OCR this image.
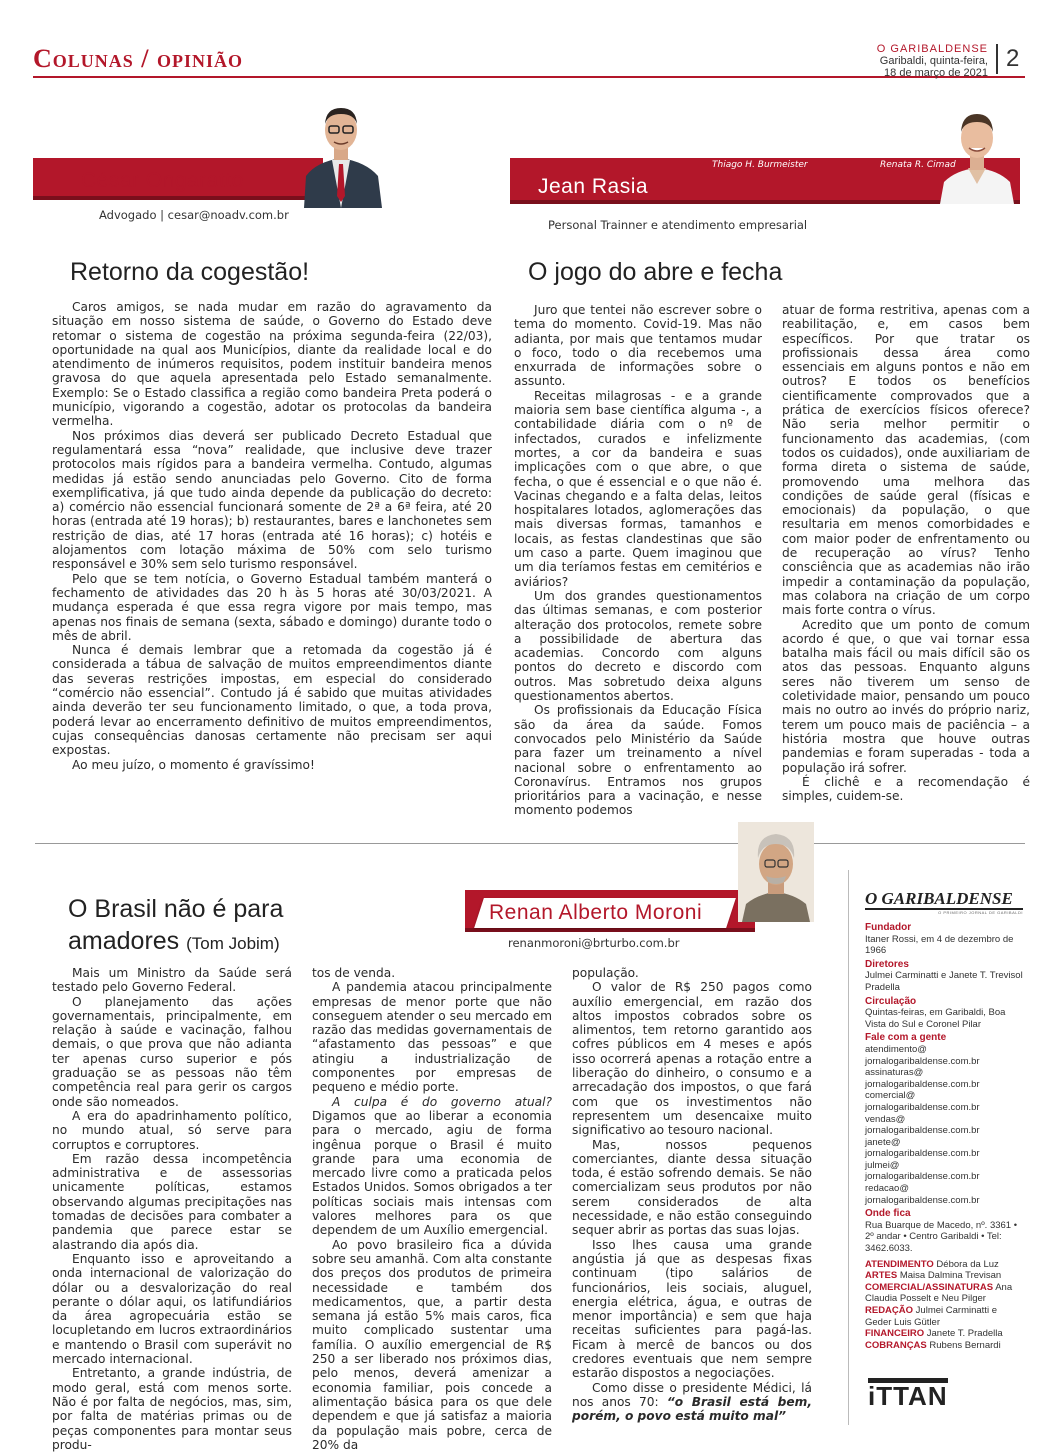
Colunas / opinião	O GARIBALDENSE
Garibaldi, quinta-feira,
18 de março de 2021
2
César Ongaratto
Advogado | cesar@noadv.com.br
Retorno da cogestão!

Caros amigos, se nada mudar em razão do agravamento da situação em nosso sistema de saúde, o Governo do Estado deve retomar o sistema de cogestão na próxima segunda-feira (22/03), oportunidade na qual aos Municípios, diante da realidade local e do atendimento de inúmeros requisitos, podem instituir bandeira menos gravosa do que aquela apresentada pelo Estado semanalmente. Exemplo: Se o Estado classifica a região como bandeira Preta poderá o município, vigorando a cogestão, adotar os protocolas da bandeira vermelha.

Nos próximos dias deverá ser publicado Decreto Estadual que regulamentará essa “nova” realidade, que inclusive deve trazer protocolos mais rígidos para a bandeira vermelha. Contudo, algumas medidas já estão sendo anunciadas pelo Governo. Cito de forma exemplificativa, já que tudo ainda depende da publicação do decreto: a) comércio não essencial funcionará somente de 2ª a 6ª feira, até 20 horas (entrada até 19 horas); b) restaurantes, bares e lanchonetes sem restrição de dias, até 17 horas (entrada até 16 horas); c) hotéis e alojamentos com lotação máxima de 50% com selo turismo responsável e 30% sem selo turismo responsável.

Pelo que se tem notícia, o Governo Estadual também manterá o fechamento de atividades das 20 h às 5 horas até 30/03/2021. A mudança esperada é que essa regra vigore por mais tempo, mas apenas nos finais de semana (sexta, sábado e domingo) durante todo o mês de abril.

Nunca é demais lembrar que a retomada da cogestão já é considerada a tábua de salvação de muitos empreendimentos diante das severas restrições impostas, em especial do considerado “comércio não essencial”. Contudo já é sabido que muitas atividades ainda deverão ter seu funcionamento limitado, o que, a toda prova, poderá levar ao encerramento definitivo de muitos empreendimentos, cujas consequências danosas certamente não precisam ser aqui expostas.

Ao meu juízo, o momento é gravíssimo!

Thiago H. Burmeister	Renata R. Cimad
Jean Rasia
Personal Trainner e atendimento empresarial
O jogo do abre e fecha

Juro que tentei não escrever sobre o tema do momento. Covid-19. Mas não adianta, por mais que tentamos mudar o foco, todo o dia recebemos uma enxurrada de informações sobre o assunto.

Receitas milagrosas - e a grande maioria sem base científica alguma -, a contabilidade diária com o nº de infectados, curados e infelizmente mortes, a cor da bandeira e suas implicações com o que abre, o que fecha, o que é essencial e o que não é. Vacinas chegando e a falta delas, leitos hospitalares lotados, aglomerações das mais diversas formas, tamanhos e locais, as festas clandestinas que são um caso a parte. Quem imaginou que um dia teríamos festas em cemitérios e aviários?

Um dos grandes questionamentos das últimas semanas, e com posterior alteração dos protocolos, remete sobre a possibilidade de abertura das academias. Concordo com alguns pontos do decreto e discordo com outros. Mas sobretudo deixa alguns questionamentos abertos.

Os profissionais da Educação Física são da área da saúde. Fomos convocados pelo Ministério da Saúde para fazer um treinamento a nível nacional sobre o enfrentamento ao Coronavírus. Entramos nos grupos prioritários para a vacinação, e nesse momento podemos

atuar de forma restritiva, apenas com a reabilitação, e, em casos bem específicos. Por que tratar os profissionais dessa área como essenciais em alguns pontos e não em outros? E todos os benefícios cientificamente comprovados que a prática de exercícios físicos oferece? Não seria melhor permitir o funcionamento das academias, (com todos os cuidados), onde auxiliariam de forma direta o sistema de saúde, promovendo uma melhora das condições de saúde geral (físicas e emocionais) da população, o que resultaria em menos comorbidades e com maior poder de enfrentamento ou de recuperação ao vírus? Tenho consciência que as academias não irão impedir a contaminação da população, mas colabora na criação de um corpo mais forte contra o vírus.

Acredito que um ponto de comum acordo é que, o que vai tornar essa batalha mais fácil ou mais difícil são os atos das pessoas. Enquanto alguns seres não tiverem um senso de coletividade maior, pensando um pouco mais no outro ao invés do próprio nariz, terem um pouco mais de paciência – a história mostra que houve outras pandemias e foram superadas - toda a população irá sofrer.

É clichê e a recomendação é simples, cuidem-se.

O Brasil não é para
amadores (Tom Jobim)
Renan Alberto Moroni
renanmoroni@brturbo.com.br

Mais um Ministro da Saúde será testado pelo Governo Federal.

O planejamento das ações governamentais, principalmente, em relação à saúde e vacinação, falhou demais, o que prova que não adianta ter apenas curso superior e pós graduação se as pessoas não têm competência real para gerir os cargos onde são nomeados.

A era do apadrinhamento político, no mundo atual, só serve para corruptos e corruptores.

Em razão dessa incompetência administrativa e de assessorias unicamente políticas, estamos observando algumas precipitações nas tomadas de decisões para combater a pandemia que parece estar se alastrando dia após dia.

Enquanto isso e aproveitando a onda internacional de valorização do dólar ou a desvalorização do real perante o dólar aqui, os latifundiários da área agropecuária estão se locupletando em lucros extraordinários e mantendo o Brasil com superávit no mercado internacional.

Entretanto, a grande indústria, de modo geral, está com menos sorte. Não é por falta de negócios, mas, sim, por falta de matérias primas ou de peças componentes para montar seus produ-

tos de venda.

A pandemia atacou principalmente empresas de menor porte que não conseguem atender o seu mercado em razão das medidas governamentais de “afastamento das pessoas” e que atingiu a industrialização de componentes por empresas de pequeno e médio porte.

A culpa é do governo atual? Digamos que ao liberar a economia para o mercado, agiu de forma ingênua porque o Brasil é muito grande para uma economia de mercado livre como a praticada pelos Estados Unidos. Somos obrigados a ter políticas sociais mais intensas com valores melhores para os que dependem de um Auxílio emergencial.

Ao povo brasileiro fica a dúvida sobre seu amanhã. Com alta constante dos preços dos produtos de primeira necessidade e também dos medicamentos, que, a partir desta semana já estão 5% mais caros, fica muito complicado sustentar uma família. O auxílio emergencial de R$ 250 a ser liberado nos próximos dias, pelo menos, deverá amenizar a economia familiar, pois concede a alimentação básica para os que dele dependem e que já satisfaz a maioria da população mais pobre, cerca de 20% da

população.

O valor de R$ 250 pagos como auxílio emergencial, em razão dos altos impostos cobrados sobre os alimentos, tem retorno garantido aos cofres públicos em 4 meses e após isso ocorrerá apenas a rotação entre a liberação do dinheiro, o consumo e a arrecadação dos impostos, o que fará com que os investimentos não representem um desencaixe muito significativo ao tesouro nacional.

Mas, nossos pequenos comerciantes, diante dessa situação toda, é estão sofrendo demais. Se não comercializam seus produtos por não serem considerados de alta necessidade, e não estão conseguindo sequer abrir as portas das suas lojas.

Isso lhes causa uma grande angústia já que as despesas fixas continuam (tipo salários de funcionários, leis sociais, aluguel, energia elétrica, água, e outras de menor importância) e sem que haja receitas suficientes para pagá-las. Ficam à mercê de bancos ou dos credores eventuais que nem sempre estarão dispostos a negociações.

Como disse o presidente Médici, lá nos anos 70: “o Brasil está bem, porém, o povo está muito mal”

O GARIBALDENSE
O PRIMEIRO JORNAL DE GARIBALDI
Fundador
Itaner Rossi, em 4 de dezembro de 1966
Diretores
Julmei Carminatti e Janete T. Trevisol Pradella
Circulação
Quintas-feiras, em Garibaldi, Boa Vista do Sul e Coronel Pilar
Fale com a gente
atendimento@
jornalogaribaldense.com.br
assinaturas@
jornalogaribaldense.com.br
comercial@
jornalogaribaldense.com.br
vendas@
jornalogaribaldense.com.br
janete@
jornalogaribaldense.com.br
julmei@
jornalogaribaldense.com.br
redacao@
jornalogaribaldense.com.br
Onde fica
Rua Buarque de Macedo, nº. 3361 • 2º andar • Centro Garibaldi • Tel: 3462.6033.
ATENDIMENTO Débora da Luz
ARTES Maisa Dalmina Trevisan
COMERCIAL/ASSINATURAS Ana Claudia Posselt e Neu Pilger
REDAÇÃO Julmei Carminatti e Geder Luis Gütler
FINANCEIRO Janete T. Pradella
COBRANÇAS Rubens Bernardi
iTTAN
